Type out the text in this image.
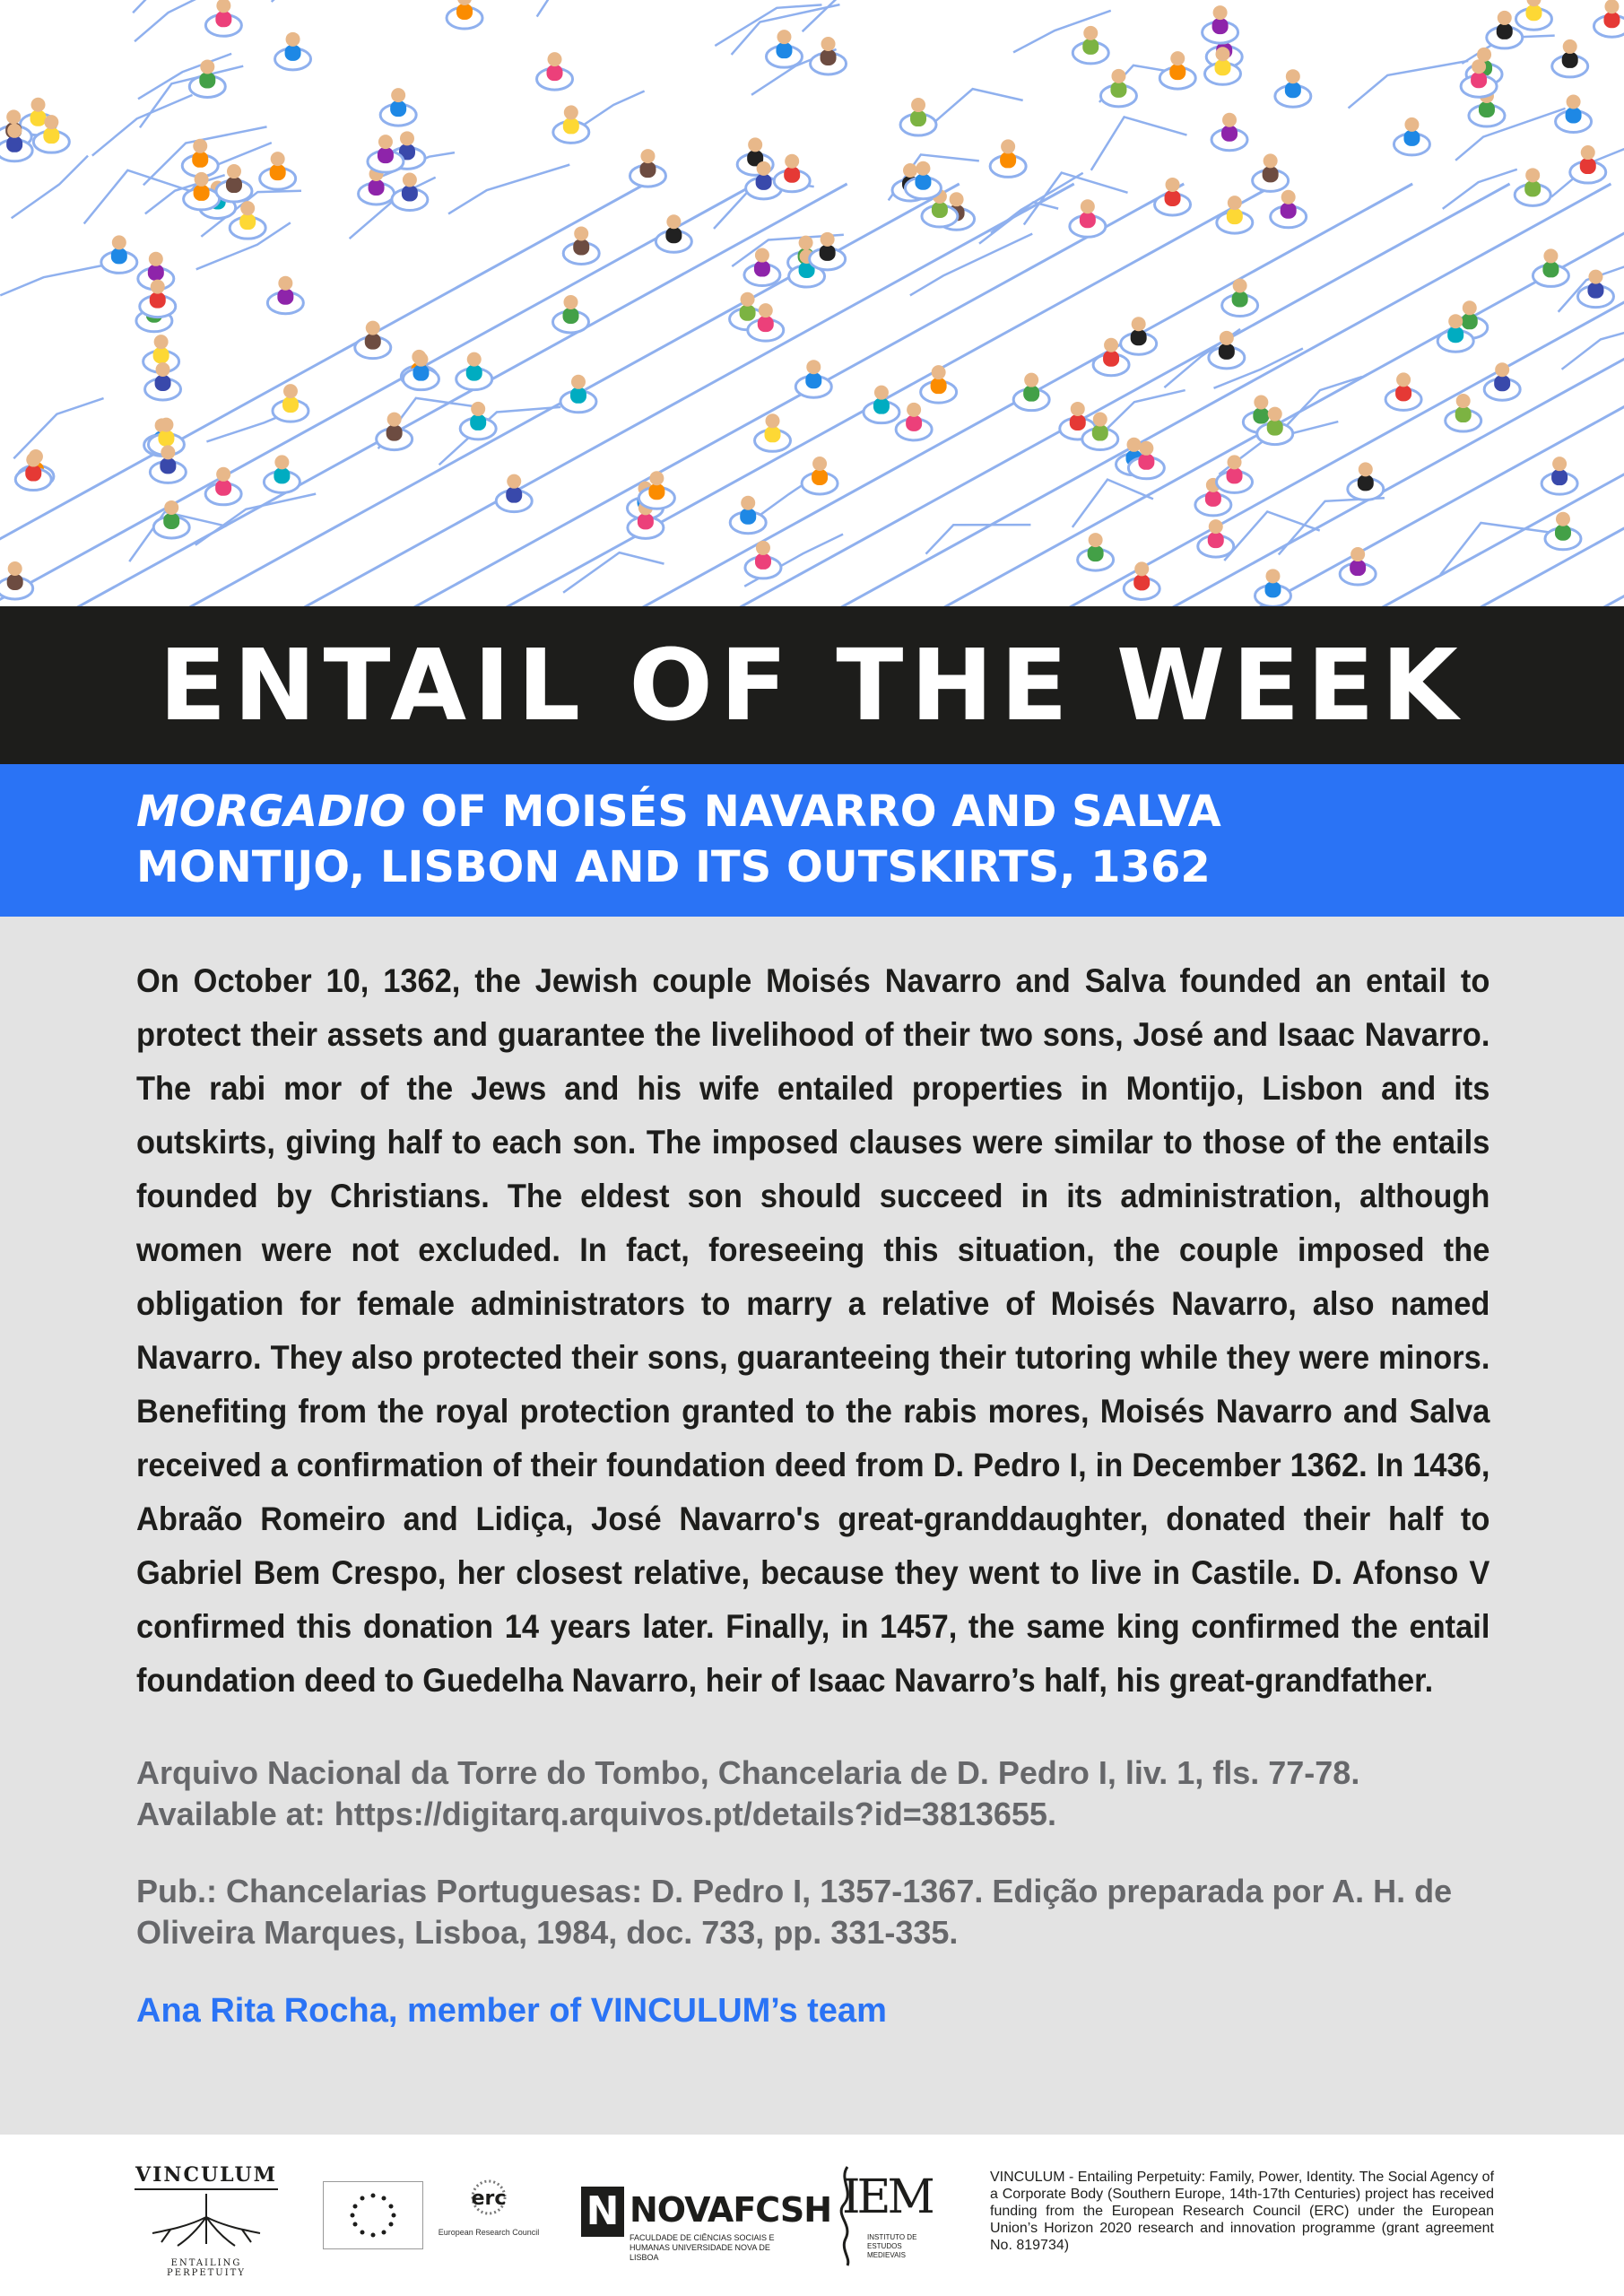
ENTAIL OF THE WEEK
MORGADIO OF MOISÉS NAVARRO AND SALVA
MONTIJO, LISBON AND ITS OUTSKIRTS, 1362

On October 10, 1362, the Jewish couple Moisés Navarro and Salva founded an entail to protect their assets and guarantee the livelihood of their two sons, José and Isaac Navarro. The rabi mor of the Jews and his wife entailed properties in Montijo, Lisbon and its outskirts, giving half to each son. The imposed clauses were similar to those of the entails founded by Christians. The eldest son should succeed in its administration, although women were not excluded. In fact, foreseeing this situation, the couple imposed the obligation for female administrators to marry a relative of Moisés Navarro, also named Navarro. They also protected their sons, guaranteeing their tutoring while they were minors. Benefiting from the royal protection granted to the rabis mores, Moisés Navarro and Salva received a confirmation of their foundation deed from D. Pedro I, in December 1362. In 1436, Abraão Romeiro and Lidiça, José Navarro's great-granddaughter, donated their half to Gabriel Bem Crespo, her closest relative, because they went to live in Castile. D. Afonso V confirmed this donation 14 years later. Finally, in 1457, the same king confirmed the entail foundation deed to Guedelha Navarro, heir of Isaac Navarro’s half, his great-grandfather.

Arquivo Nacional da Torre do Tombo, Chancelaria de D. Pedro I, liv. 1, fls. 77-78.
Available at: https://digitarq.arquivos.pt/details?id=3813655.
Pub.: Chancelarias Portuguesas: D. Pedro I, 1357-1367. Edição preparada por A. H. de
Oliveira Marques, Lisboa, 1984, doc. 733, pp. 331-335.
Ana Rita Rocha, member of VINCULUM’s team
VINCULUM
ENTAILING PERPETUITY
erc
European Research Council	N NOVAFCSH
FACULDADE DE CIÊNCIAS SOCIAIS E HUMANAS UNIVERSIDADE NOVA DE LISBOA
IEM
INSTITUTO DE ESTUDOS MEDIEVAIS
VINCULUM - Entailing Perpetuity: Family, Power, Identity. The Social Agency of a Corporate Body (Southern Europe, 14th-17th Centuries) project has received funding from the European Research Council (ERC) under the European Union’s Horizon 2020 research and innovation programme (grant agreement No. 819734)
